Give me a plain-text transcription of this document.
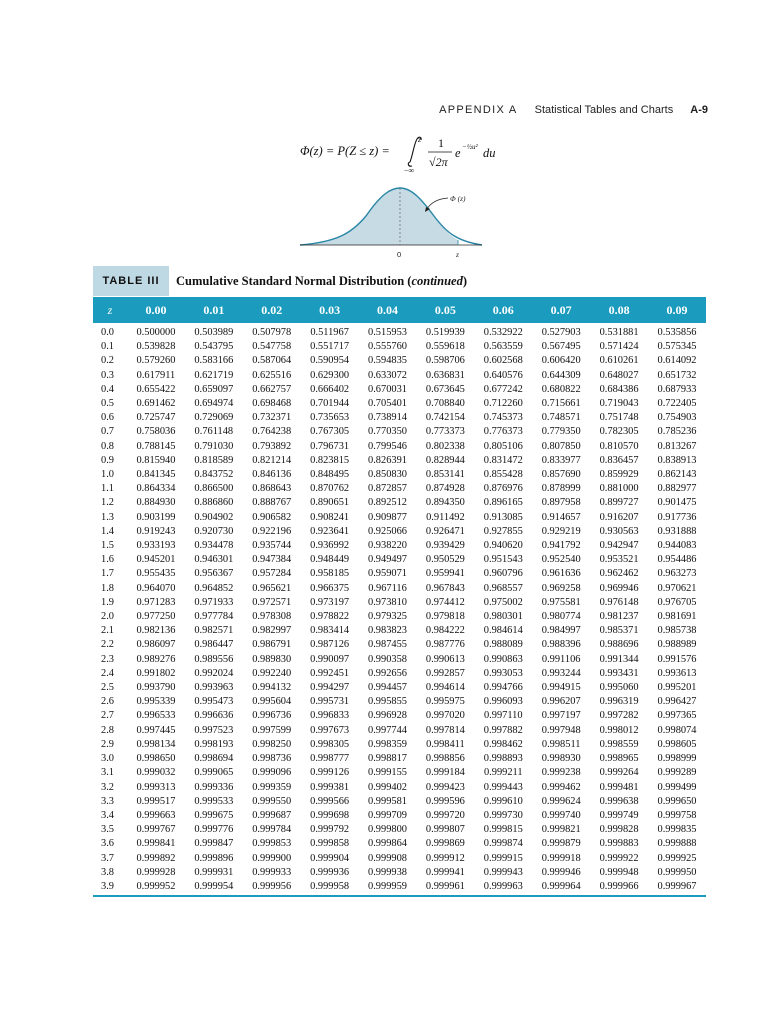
APPENDIX A Statistical Tables and Charts A-9
Φ(z) = P(Z ≤ z) =
z
−∞
1
√2π
e −½u² du
Φ (z)
0	z
TABLE III	Cumulative Standard Normal Distribution (continued)
z	0.00	0.01	0.02	0.03	0.04	0.05	0.06	0.07	0.08	0.09
0.0	0.500000	0.503989	0.507978	0.511967	0.515953	0.519939	0.532922	0.527903	0.531881	0.535856
0.1	0.539828	0.543795	0.547758	0.551717	0.555760	0.559618	0.563559	0.567495	0.571424	0.575345
0.2	0.579260	0.583166	0.587064	0.590954	0.594835	0.598706	0.602568	0.606420	0.610261	0.614092
0.3	0.617911	0.621719	0.625516	0.629300	0.633072	0.636831	0.640576	0.644309	0.648027	0.651732
0.4	0.655422	0.659097	0.662757	0.666402	0.670031	0.673645	0.677242	0.680822	0.684386	0.687933
0.5	0.691462	0.694974	0.698468	0.701944	0.705401	0.708840	0.712260	0.715661	0.719043	0.722405
0.6	0.725747	0.729069	0.732371	0.735653	0.738914	0.742154	0.745373	0.748571	0.751748	0.754903
0.7	0.758036	0.761148	0.764238	0.767305	0.770350	0.773373	0.776373	0.779350	0.782305	0.785236
0.8	0.788145	0.791030	0.793892	0.796731	0.799546	0.802338	0.805106	0.807850	0.810570	0.813267
0.9	0.815940	0.818589	0.821214	0.823815	0.826391	0.828944	0.831472	0.833977	0.836457	0.838913
1.0	0.841345	0.843752	0.846136	0.848495	0.850830	0.853141	0.855428	0.857690	0.859929	0.862143
1.1	0.864334	0.866500	0.868643	0.870762	0.872857	0.874928	0.876976	0.878999	0.881000	0.882977
1.2	0.884930	0.886860	0.888767	0.890651	0.892512	0.894350	0.896165	0.897958	0.899727	0.901475
1.3	0.903199	0.904902	0.906582	0.908241	0.909877	0.911492	0.913085	0.914657	0.916207	0.917736
1.4	0.919243	0.920730	0.922196	0.923641	0.925066	0.926471	0.927855	0.929219	0.930563	0.931888
1.5	0.933193	0.934478	0.935744	0.936992	0.938220	0.939429	0.940620	0.941792	0.942947	0.944083
1.6	0.945201	0.946301	0.947384	0.948449	0.949497	0.950529	0.951543	0.952540	0.953521	0.954486
1.7	0.955435	0.956367	0.957284	0.958185	0.959071	0.959941	0.960796	0.961636	0.962462	0.963273
1.8	0.964070	0.964852	0.965621	0.966375	0.967116	0.967843	0.968557	0.969258	0.969946	0.970621
1.9	0.971283	0.971933	0.972571	0.973197	0.973810	0.974412	0.975002	0.975581	0.976148	0.976705
2.0	0.977250	0.977784	0.978308	0.978822	0.979325	0.979818	0.980301	0.980774	0.981237	0.981691
2.1	0.982136	0.982571	0.982997	0.983414	0.983823	0.984222	0.984614	0.984997	0.985371	0.985738
2.2	0.986097	0.986447	0.986791	0.987126	0.987455	0.987776	0.988089	0.988396	0.988696	0.988989
2.3	0.989276	0.989556	0.989830	0.990097	0.990358	0.990613	0.990863	0.991106	0.991344	0.991576
2.4	0.991802	0.992024	0.992240	0.992451	0.992656	0.992857	0.993053	0.993244	0.993431	0.993613
2.5	0.993790	0.993963	0.994132	0.994297	0.994457	0.994614	0.994766	0.994915	0.995060	0.995201
2.6	0.995339	0.995473	0.995604	0.995731	0.995855	0.995975	0.996093	0.996207	0.996319	0.996427
2.7	0.996533	0.996636	0.996736	0.996833	0.996928	0.997020	0.997110	0.997197	0.997282	0.997365
2.8	0.997445	0.997523	0.997599	0.997673	0.997744	0.997814	0.997882	0.997948	0.998012	0.998074
2.9	0.998134	0.998193	0.998250	0.998305	0.998359	0.998411	0.998462	0.998511	0.998559	0.998605
3.0	0.998650	0.998694	0.998736	0.998777	0.998817	0.998856	0.998893	0.998930	0.998965	0.998999
3.1	0.999032	0.999065	0.999096	0.999126	0.999155	0.999184	0.999211	0.999238	0.999264	0.999289
3.2	0.999313	0.999336	0.999359	0.999381	0.999402	0.999423	0.999443	0.999462	0.999481	0.999499
3.3	0.999517	0.999533	0.999550	0.999566	0.999581	0.999596	0.999610	0.999624	0.999638	0.999650
3.4	0.999663	0.999675	0.999687	0.999698	0.999709	0.999720	0.999730	0.999740	0.999749	0.999758
3.5	0.999767	0.999776	0.999784	0.999792	0.999800	0.999807	0.999815	0.999821	0.999828	0.999835
3.6	0.999841	0.999847	0.999853	0.999858	0.999864	0.999869	0.999874	0.999879	0.999883	0.999888
3.7	0.999892	0.999896	0.999900	0.999904	0.999908	0.999912	0.999915	0.999918	0.999922	0.999925
3.8	0.999928	0.999931	0.999933	0.999936	0.999938	0.999941	0.999943	0.999946	0.999948	0.999950
3.9	0.999952	0.999954	0.999956	0.999958	0.999959	0.999961	0.999963	0.999964	0.999966	0.999967
